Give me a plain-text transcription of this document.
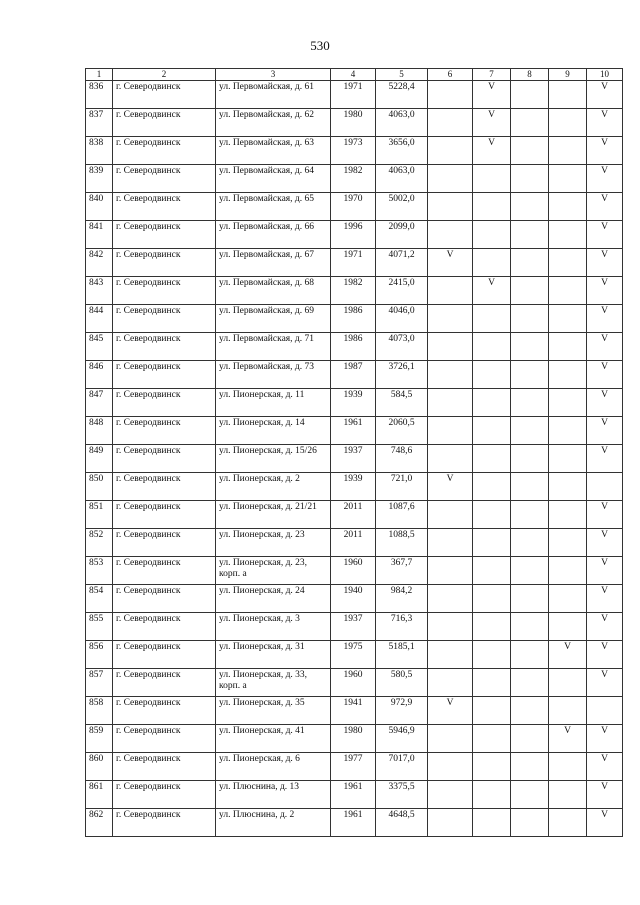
530
1	2	3	4	5	6	7	8	9	10
836	г. Северодвинск	ул. Первомайская, д. 61	1971	5228,4		V			V
837	г. Северодвинск	ул. Первомайская, д. 62	1980	4063,0		V			V
838	г. Северодвинск	ул. Первомайская, д. 63	1973	3656,0		V			V
839	г. Северодвинск	ул. Первомайская, д. 64	1982	4063,0					V
840	г. Северодвинск	ул. Первомайская, д. 65	1970	5002,0					V
841	г. Северодвинск	ул. Первомайская, д. 66	1996	2099,0					V
842	г. Северодвинск	ул. Первомайская, д. 67	1971	4071,2	V				V
843	г. Северодвинск	ул. Первомайская, д. 68	1982	2415,0		V			V
844	г. Северодвинск	ул. Первомайская, д. 69	1986	4046,0					V
845	г. Северодвинск	ул. Первомайская, д. 71	1986	4073,0					V
846	г. Северодвинск	ул. Первомайская, д. 73	1987	3726,1					V
847	г. Северодвинск	ул. Пионерская, д. 11	1939	584,5					V
848	г. Северодвинск	ул. Пионерская, д. 14	1961	2060,5					V
849	г. Северодвинск	ул. Пионерская, д. 15/26	1937	748,6					V
850	г. Северодвинск	ул. Пионерская, д. 2	1939	721,0	V				
851	г. Северодвинск	ул. Пионерская, д. 21/21	2011	1087,6					V
852	г. Северодвинск	ул. Пионерская, д. 23	2011	1088,5					V
853	г. Северодвинск	ул. Пионерская, д. 23, корп. а	1960	367,7					V
854	г. Северодвинск	ул. Пионерская, д. 24	1940	984,2					V
855	г. Северодвинск	ул. Пионерская, д. 3	1937	716,3					V
856	г. Северодвинск	ул. Пионерская, д. 31	1975	5185,1				V	V
857	г. Северодвинск	ул. Пионерская, д. 33, корп. а	1960	580,5					V
858	г. Северодвинск	ул. Пионерская, д. 35	1941	972,9	V				
859	г. Северодвинск	ул. Пионерская, д. 41	1980	5946,9				V	V
860	г. Северодвинск	ул. Пионерская, д. 6	1977	7017,0					V
861	г. Северодвинск	ул. Плюснина, д. 13	1961	3375,5					V
862	г. Северодвинск	ул. Плюснина, д. 2	1961	4648,5					V
